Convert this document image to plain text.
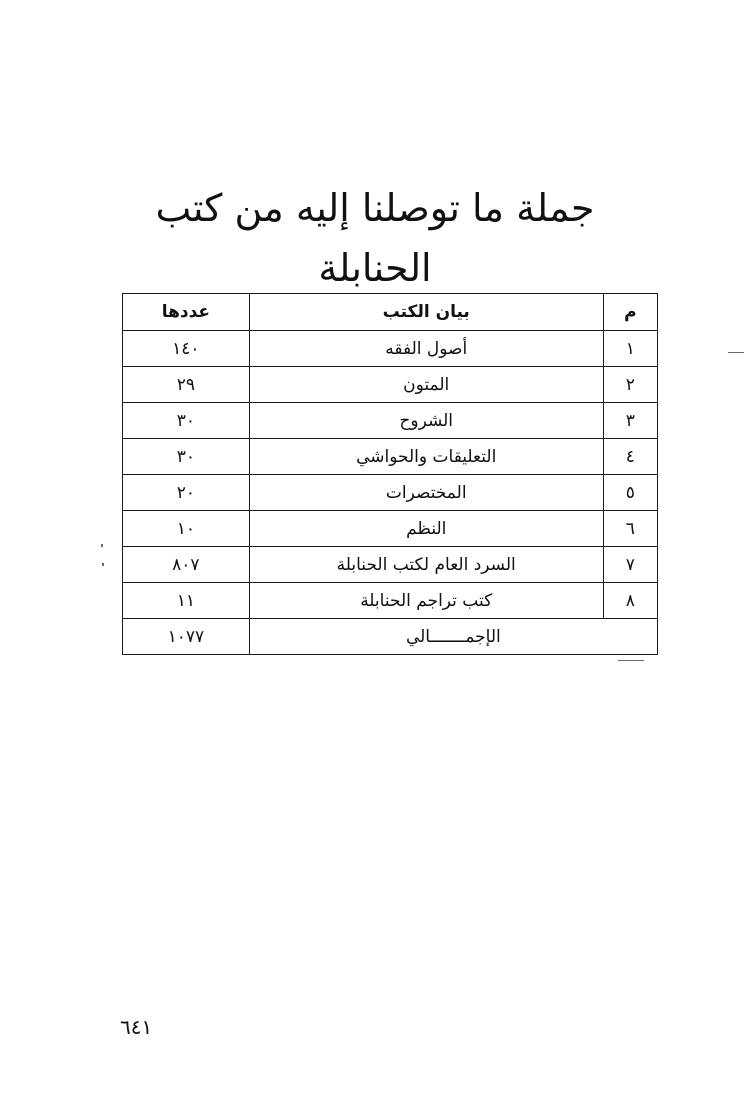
جملة ما توصلنا إليه من كتب الحنابلة
م	بيان الكتب	عددها
١	أصول الفقه	١٤٠
٢	المتون	٢٩
٣	الشروح	٣٠
٤	التعليقات والحواشي	٣٠
٥	المختصرات	٢٠
٦	النظم	١٠
٧	السرد العام لكتب الحنابلة	٨٠٧
٨	كتب تراجم الحنابلة	١١
الإجمـــــــالي		١٠٧٧
٦٤١
